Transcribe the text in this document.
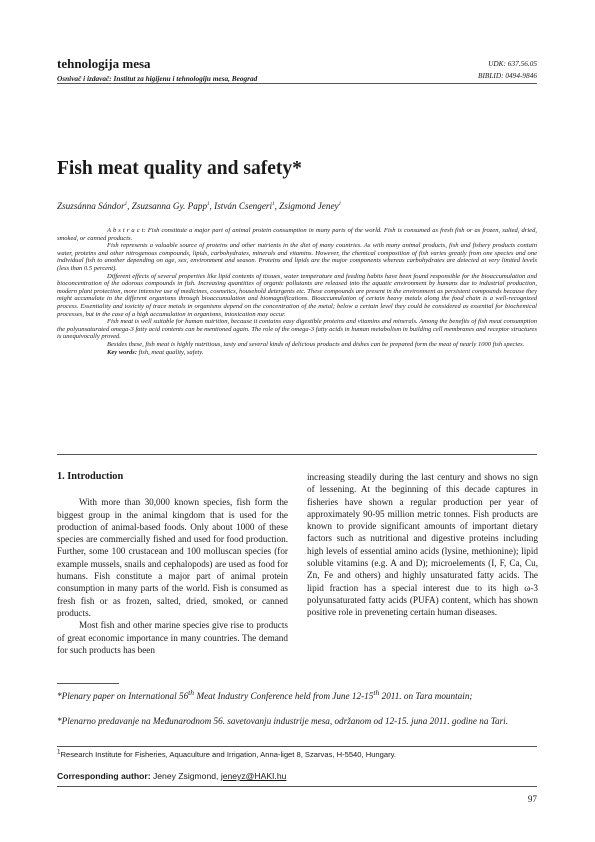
tehnologija mesa
Osnivač i izdavač: Institut za higijenu i tehnologiju mesa, Beograd
UDK: 637.56.05
BIBLID: 0494-9846
Fish meat quality and safety*
Zsuzsánna Sándor$^1$, Zsuzsanna Gy. Papp$^1$, István Csengeri$^1$, Zsigmond Jeney$^1$

A b s t r a c t: Fish constitute a major part of animal protein consumption in many parts of the world. Fish is consumed as fresh fish or as frozen, salted, dried, smoked, or canned products.

Fish represents a valuable source of proteins and other nutrients in the diet of many countries. As with many animal products, fish and fishery products contain water, proteins and other nitrogenous compounds, lipids, carbohydrates, minerals and vitamins. However, the chemical composition of fish varies greatly from one species and one individual fish to another depending on age, sex, environment and season. Proteins and lipids are the major components whereas carbohydrates are detected at very limited levels (less than 0.5 percent).

Different effects of several properties like lipid contents of tissues, water temperature and feeding habits have been found responsible for the bioaccumulation and bioconcentration of the odorous compounds in fish. Increasing quantities of organic pollutants are released into the aquatic environment by humans due to industrial production, modern plant protection, more intensive use of medicines, cosmetics, household detergents etc. These compounds are present in the environment as persistent compounds because they might accumulate in the different organisms through bioaccumulation and biomagnifications. Bioaccumulation of certain heavy metals along the food chain is a well-recognized process. Essentiality and toxicity of trace metals in organisms depend on the concentration of the metal; below a certain level they could be considered as essential for biochemical processes, but in the case of a high accumulation in organisms, intoxication may occur.

Fish meat is well suitable for human nutrition, because it contains easy digestible proteins and vitamins and minerals. Among the benefits of fish meat consumption the polyunsaturated omega-3 fatty acid contents can be mentioned again. The role of the omega-3 fatty acids in human metabolism in building cell membranes and receptor structures is unequivocally proved.

Besides these, fish meat is highly nutritious, tasty and several kinds of delicious products and dishes can be prepared form the meat of nearly 1000 fish species.

Key words: fish, meat quality, safety.

1. Introduction

With more than 30,000 known species, fish form the biggest group in the animal kingdom that is used for the production of animal-based foods. Only about 1000 of these species are commercially fished and used for food production. Further, some 100 crustacean and 100 molluscan species (for example mussels, snails and cephalopods) are used as food for humans. Fish constitute a major part of animal protein consumption in many parts of the world. Fish is consumed as fresh fish or as frozen, salted, dried, smoked, or canned products.

Most fish and other marine species give rise to products of great economic importance in many countries. The demand for such products has been

increasing steadily during the last century and shows no sign of lessening. At the beginning of this decade captures in fisheries have shown a regular production per year of approximately 90-95 million metric tonnes. Fish products are known to provide significant amounts of important dietary factors such as nutritional and digestive proteins including high levels of essential amino acids (lysine, methionine); lipid soluble vitamins (e.g. A and D); microelements (I, F, Ca, Cu, Zn, Fe and others) and highly unsaturated fatty acids. The lipid fraction has a special interest due to its high ω-3 polyunsaturated fatty acids (PUFA) content, which has shown positive role in preveneting certain human diseases.

*Plenary paper on International 56th Meat Industry Conference held from June 12-15th 2011. on Tara mountain;
*Plenarno predavanje na Međunarodnom 56. savetovanju industrije mesa, održanom od 12-15. juna 2011. godine na Tari.
$^1$Research Institute for Fisheries, Aquaculture and Irrigation, Anna-liget 8, Szarvas, H-5540, Hungary.
Corresponding author: Jeney Zsigmond, jeneyz@HAKI.hu
97
